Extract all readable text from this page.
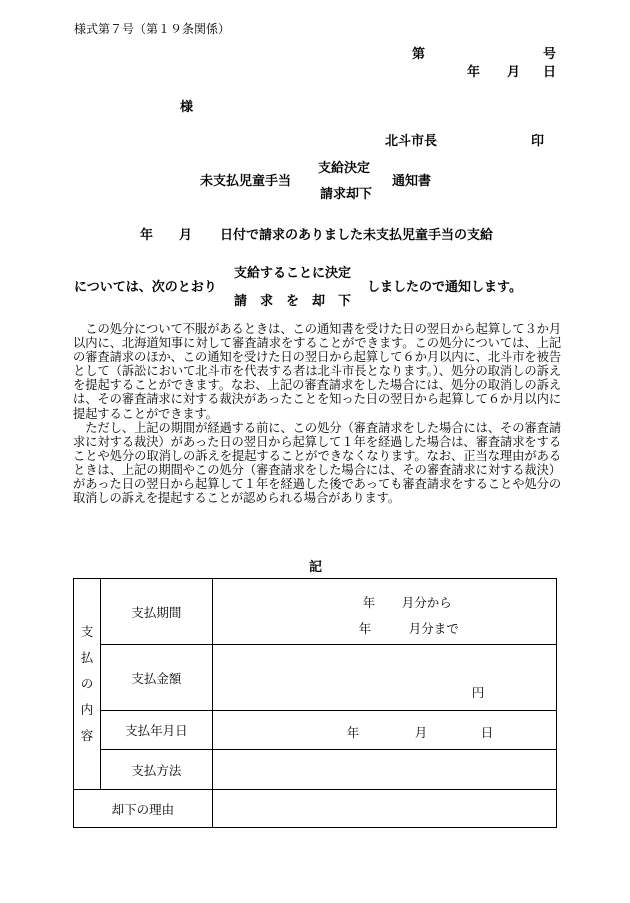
様式第７号（第１９条関係）
第	号
年 月 日
様
北斗市長	印
支給決定
未支払児童手当	通知書
請求却下
年 月 日付で請求のありました未支払児童手当の支給
支給することに決定
については、次のとおり	しましたので通知します。
請　求　を　却　下

この処分について不服があるときは、この通知書を受けた日の翌日から起算して３か月以内に、北海道知事に対して審査請求をすることができます。この処分については、上記の審査請求のほか、この通知を受けた日の翌日から起算して６か月以内に、北斗市を被告として（訴訟において北斗市を代表する者は北斗市長となります。）、処分の取消しの訴えを提起することができます。なお、上記の審査請求をした場合には、処分の取消しの訴えは、その審査請求に対する裁決があったことを知った日の翌日から起算して６か月以内に提起することができます。

ただし、上記の期間が経過する前に、この処分（審査請求をした場合には、その審査請求に対する裁決）があった日の翌日から起算して１年を経過した場合は、審査請求をすることや処分の取消しの訴えを提起することができなくなります。なお、正当な理由があるときは、上記の期間やこの処分（審査請求をした場合には、その審査請求に対する裁決）があった日の翌日から起算して１年を経過した後であっても審査請求をすることや処分の取消しの訴えを提起することが認められる場合があります。

記
支
払
の
内
容	支払期間	年 月分から
年 月分まで

	支払金額	円

	支払年月日	年 月 日

	支払方法	
却下の理由		
